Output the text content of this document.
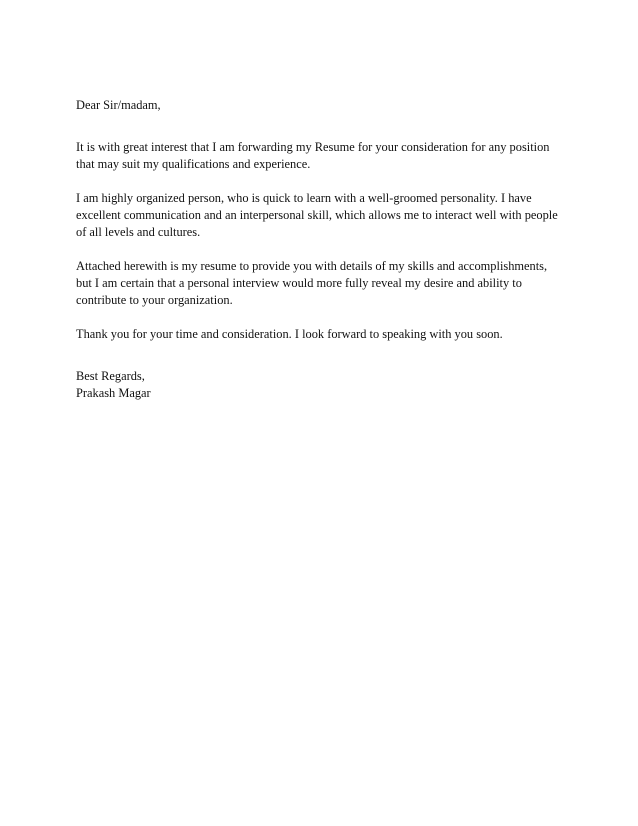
Dear Sir/madam,

It is with great interest that I am forwarding my Resume for your consideration for any position
that may suit my qualifications and experience.

I am highly organized person, who is quick to learn with a well-groomed personality. I have
excellent communication and an interpersonal skill, which allows me to interact well with people
of all levels and cultures.

Attached herewith is my resume to provide you with details of my skills and accomplishments,
but I am certain that a personal interview would more fully reveal my desire and ability to
contribute to your organization.

Thank you for your time and consideration. I look forward to speaking with you soon.

Best Regards,
Prakash Magar
